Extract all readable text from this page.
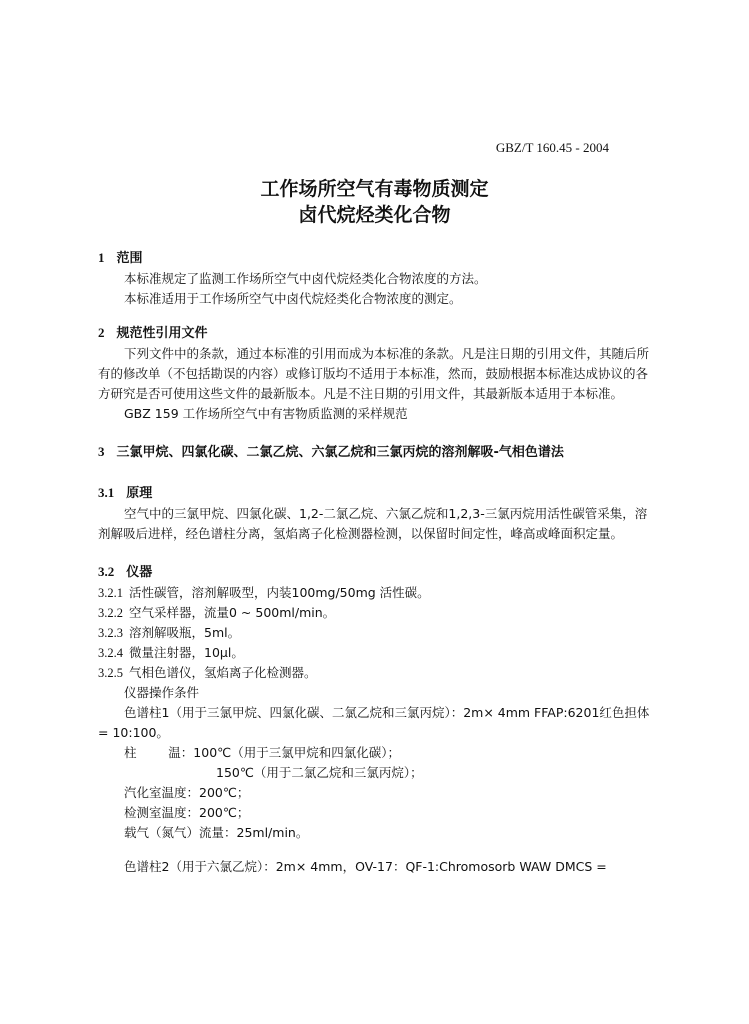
GBZ/T 160.45 - 2004
工作场所空气有毒物质测定
卤代烷烃类化合物
1 范围
本标准规定了监测工作场所空气中卤代烷烃类化合物浓度的方法。
本标准适用于工作场所空气中卤代烷烃类化合物浓度的测定。
2 规范性引用文件
下列文件中的条款，通过本标准的引用而成为本标准的条款。凡是注日期的引用文件，其随后所有的修改单（不包括勘误的内容）或修订版均不适用于本标准，然而，鼓励根据本标准达成协议的各方研究是否可使用这些文件的最新版本。凡是不注日期的引用文件，其最新版本适用于本标准。
GBZ 159 工作场所空气中有害物质监测的采样规范
3 三氯甲烷、四氯化碳、二氯乙烷、六氯乙烷和三氯丙烷的溶剂解吸-气相色谱法
3.1 原理
空气中的三氯甲烷、四氯化碳、1,2-二氯乙烷、六氯乙烷和1,2,3-三氯丙烷用活性碳管采集，溶剂解吸后进样，经色谱柱分离，氢焰离子化检测器检测，以保留时间定性，峰高或峰面积定量。
3.2 仪器
3.2.1 活性碳管，溶剂解吸型，内装100mg/50mg 活性碳。
3.2.2 空气采样器，流量0 ~ 500ml/min。
3.2.3 溶剂解吸瓶，5ml。
3.2.4 微量注射器，10μl。
3.2.5 气相色谱仪，氢焰离子化检测器。
仪器操作条件
色谱柱1（用于三氯甲烷、四氯化碳、二氯乙烷和三氯丙烷）：2m× 4mm FFAP:6201红色担体 = 10:100。
柱        温：100℃（用于三氯甲烷和四氯化碳）；
150℃（用于二氯乙烷和三氯丙烷）；
汽化室温度：200℃；
检测室温度：200℃；
载气（氮气）流量：25ml/min。
色谱柱2（用于六氯乙烷）：2m× 4mm，OV-17：QF-1:Chromosorb WAW DMCS =
